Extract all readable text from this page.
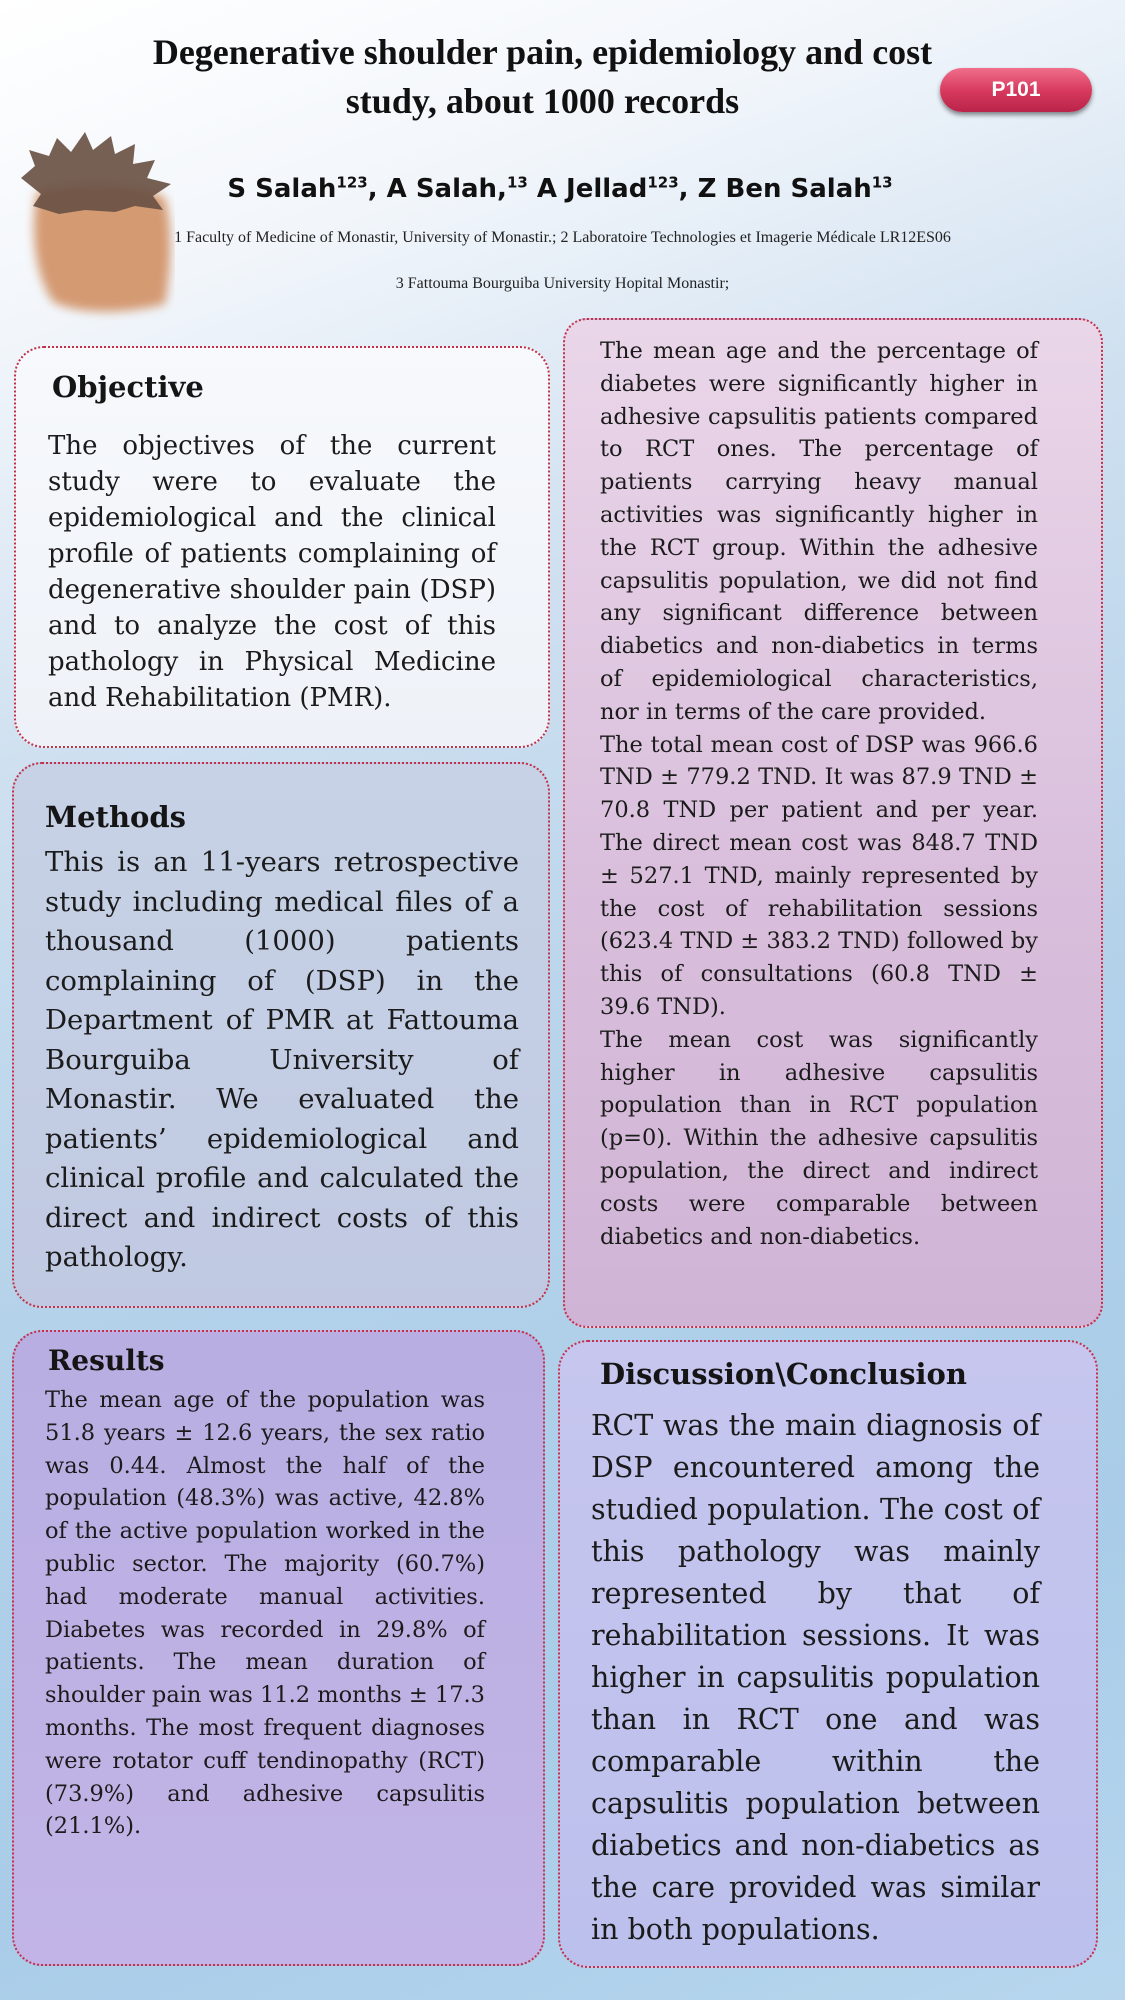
Degenerative shoulder pain, epidemiology and cost study, about 1000 records	P101
S Salah$^{123}$, A Salah,$^{13}$ A Jellad$^{123}$, Z Ben Salah$^{13}$
1 Faculty of Medicine of Monastir, University of Monastir.; 2 Laboratoire Technologies et Imagerie Médicale LR12ES06
3 Fattouma Bourguiba University Hopital Monastir;
Objective

The objectives of the current study were to evaluate the epidemiological and the clinical profile of patients complaining of degenerative shoulder pain (DSP) and to analyze the cost of this pathology in Physical Medicine and Rehabilitation (PMR).

Methods

This is an 11-years retrospective study including medical files of a thousand (1000) patients complaining of (DSP) in the Department of PMR at Fattouma Bourguiba University of Monastir. We evaluated the patients’ epidemiological and clinical profile and calculated the direct and indirect costs of this pathology.

Results

The mean age of the population was 51.8 years ± 12.6 years, the sex ratio was 0.44. Almost the half of the population (48.3%) was active, 42.8% of the active population worked in the public sector. The majority (60.7%) had moderate manual activities. Diabetes was recorded in 29.8% of patients. The mean duration of shoulder pain was 11.2 months ± 17.3 months. The most frequent diagnoses were rotator cuff tendinopathy (RCT) (73.9%) and adhesive capsulitis (21.1%).

The mean age and the percentage of diabetes were significantly higher in adhesive capsulitis patients compared to RCT ones. The percentage of patients carrying heavy manual activities was significantly higher in the RCT group. Within the adhesive capsulitis population, we did not find any significant difference between diabetics and non-diabetics in terms of epidemiological characteristics, nor in terms of the care provided.
The total mean cost of DSP was 966.6 TND ± 779.2 TND. It was 87.9 TND ± 70.8 TND per patient and per year. The direct mean cost was 848.7 TND ± 527.1 TND, mainly represented by the cost of rehabilitation sessions (623.4 TND ± 383.2 TND) followed by this of consultations (60.8 TND ± 39.6 TND).
The mean cost was significantly higher in adhesive capsulitis population than in RCT population (p=0). Within the adhesive capsulitis population, the direct and indirect costs were comparable between diabetics and non-diabetics.

Discussion\Conclusion

RCT was the main diagnosis of DSP encountered among the studied population. The cost of this pathology was mainly represented by that of rehabilitation sessions. It was higher in capsulitis population than in RCT one and was comparable within the capsulitis population between diabetics and non-diabetics as the care provided was similar in both populations.
